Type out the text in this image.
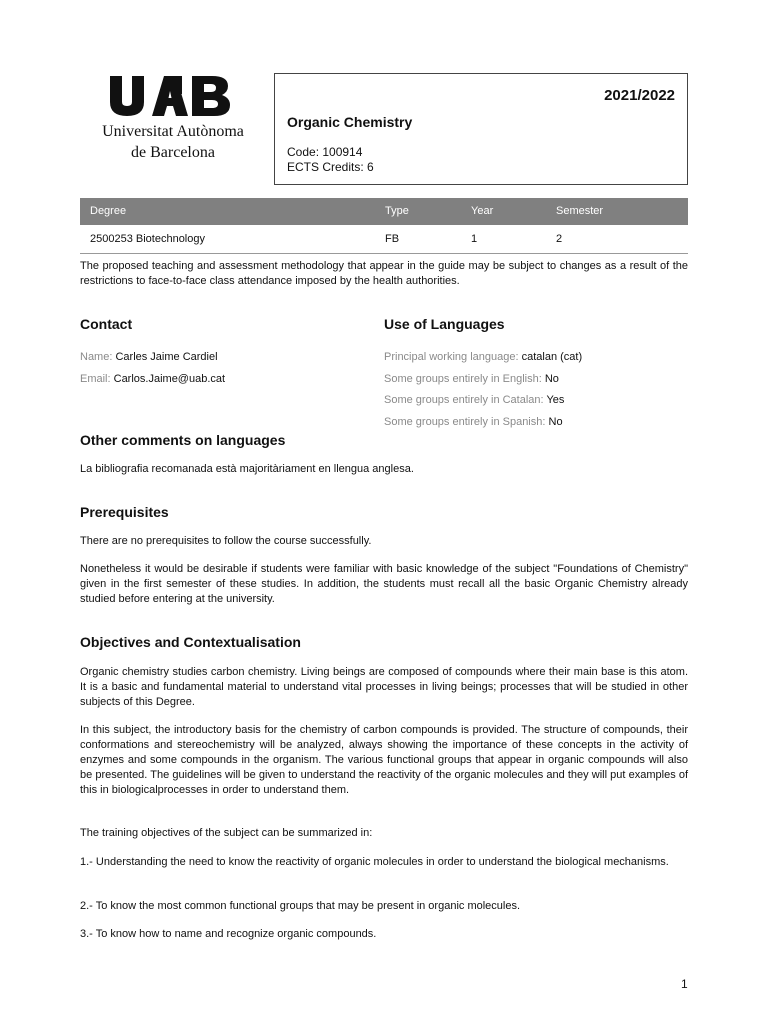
Universitat Autònoma
de Barcelona
2021/2022
Organic Chemistry
Code: 100914
ECTS Credits: 6
Degree	Type	Year	Semester
2500253 Biotechnology	FB	1	2
The proposed teaching and assessment methodology that appear in the guide may be subject to changes as a result of the restrictions to face-to-face class attendance imposed by the health authorities.
Contact
Name: Carles Jaime Cardiel
Email: Carlos.Jaime@uab.cat
Use of Languages
Principal working language: catalan (cat)
Some groups entirely in English: No
Some groups entirely in Catalan: Yes
Some groups entirely in Spanish: No
Other comments on languages
La bibliografia recomanada està majoritàriament en llengua anglesa.
Prerequisites
There are no prerequisites to follow the course successfully.
Nonetheless it would be desirable if students were familiar with basic knowledge of the subject "Foundations of Chemistry" given in the first semester of these studies. In addition, the students must recall all the basic Organic Chemistry already studied before entering at the university.
Objectives and Contextualisation
Organic chemistry studies carbon chemistry. Living beings are composed of compounds where their main base is this atom. It is a basic and fundamental material to understand vital processes in living beings; processes that will be studied in other subjects of this Degree.
In this subject, the introductory basis for the chemistry of carbon compounds is provided. The structure of compounds, their conformations and stereochemistry will be analyzed, always showing the importance of these concepts in the activity of enzymes and some compounds in the organism. The various functional groups that appear in organic compounds will also be presented. The guidelines will be given to understand the reactivity of the organic molecules and they will put examples of this in biologicalprocesses in order to understand them.
The training objectives of the subject can be summarized in:
1.- Understanding the need to know the reactivity of organic molecules in order to understand the biological mechanisms.
2.- To know the most common functional groups that may be present in organic molecules.
3.- To know how to name and recognize organic compounds.
1
